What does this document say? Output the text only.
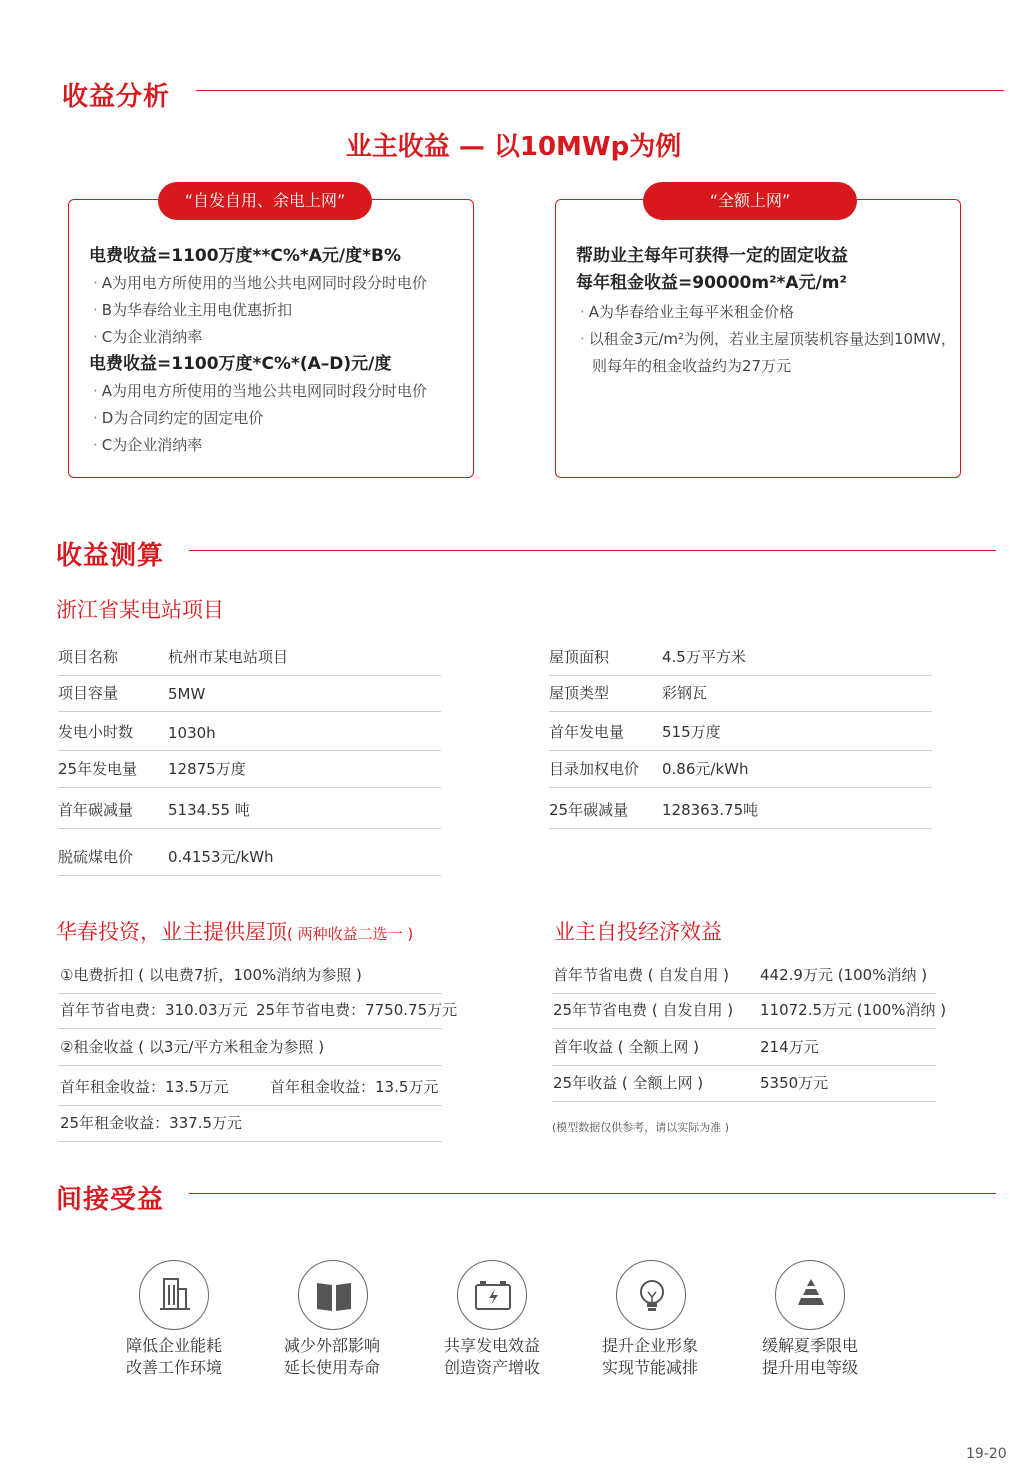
收益分析
业主收益 — 以10MWp为例
“自发自用、余电上网”
电费收益=1100万度**C%*A元/度*B%
· A为用电方所使用的当地公共电网同时段分时电价
· B为华春给业主用电优惠折扣
· C为企业消纳率
电费收益=1100万度*C%*(A–D)元/度
· A为用电方所使用的当地公共电网同时段分时电价
· D为合同约定的固定电价
· C为企业消纳率
“全额上网”
帮助业主每年可获得一定的固定收益
每年租金收益=90000m²*A元/m²
· A为华春给业主每平米租金价格
· 以租金3元/m²为例，若业主屋顶装机容量达到10MW，
则每年的租金收益约为27万元
收益测算
浙江省某电站项目
项目名称	杭州市某电站项目
项目容量	5MW
发电小时数 1030h
25年发电量 12875万度
首年碳减量 5134.55 吨
脱硫煤电价 0.4153元/kWh
屋顶面积	4.5万平方米
屋顶类型	彩钢瓦
首年发电量	515万度
目录加权电价 0.86元/kWh
25年碳减量 128363.75吨
华春投资，业主提供屋顶( 两种收益二选一 )
①电费折扣 ( 以电费7折，100%消纳为参照 )
首年节省电费：310.03万元 25年节省电费：7750.75万元
②租金收益 ( 以3元/平方米租金为参照 )
首年租金收益：13.5万元	首年租金收益：13.5万元
25年租金收益：337.5万元
业主自投经济效益
首年节省电费 ( 自发自用 ) 442.9万元 (100%消纳 )
25年节省电费 ( 自发自用 ) 11072.5万元 (100%消纳 )
首年收益 ( 全额上网 )	214万元
25年收益 ( 全额上网 )	5350万元
(模型数据仅供参考，请以实际为准 )
间接受益
障低企业能耗
改善工作环境
减少外部影响
延长使用寿命
共享发电效益
创造资产增收
提升企业形象
实现节能减排
缓解夏季限电
提升用电等级
19-20
